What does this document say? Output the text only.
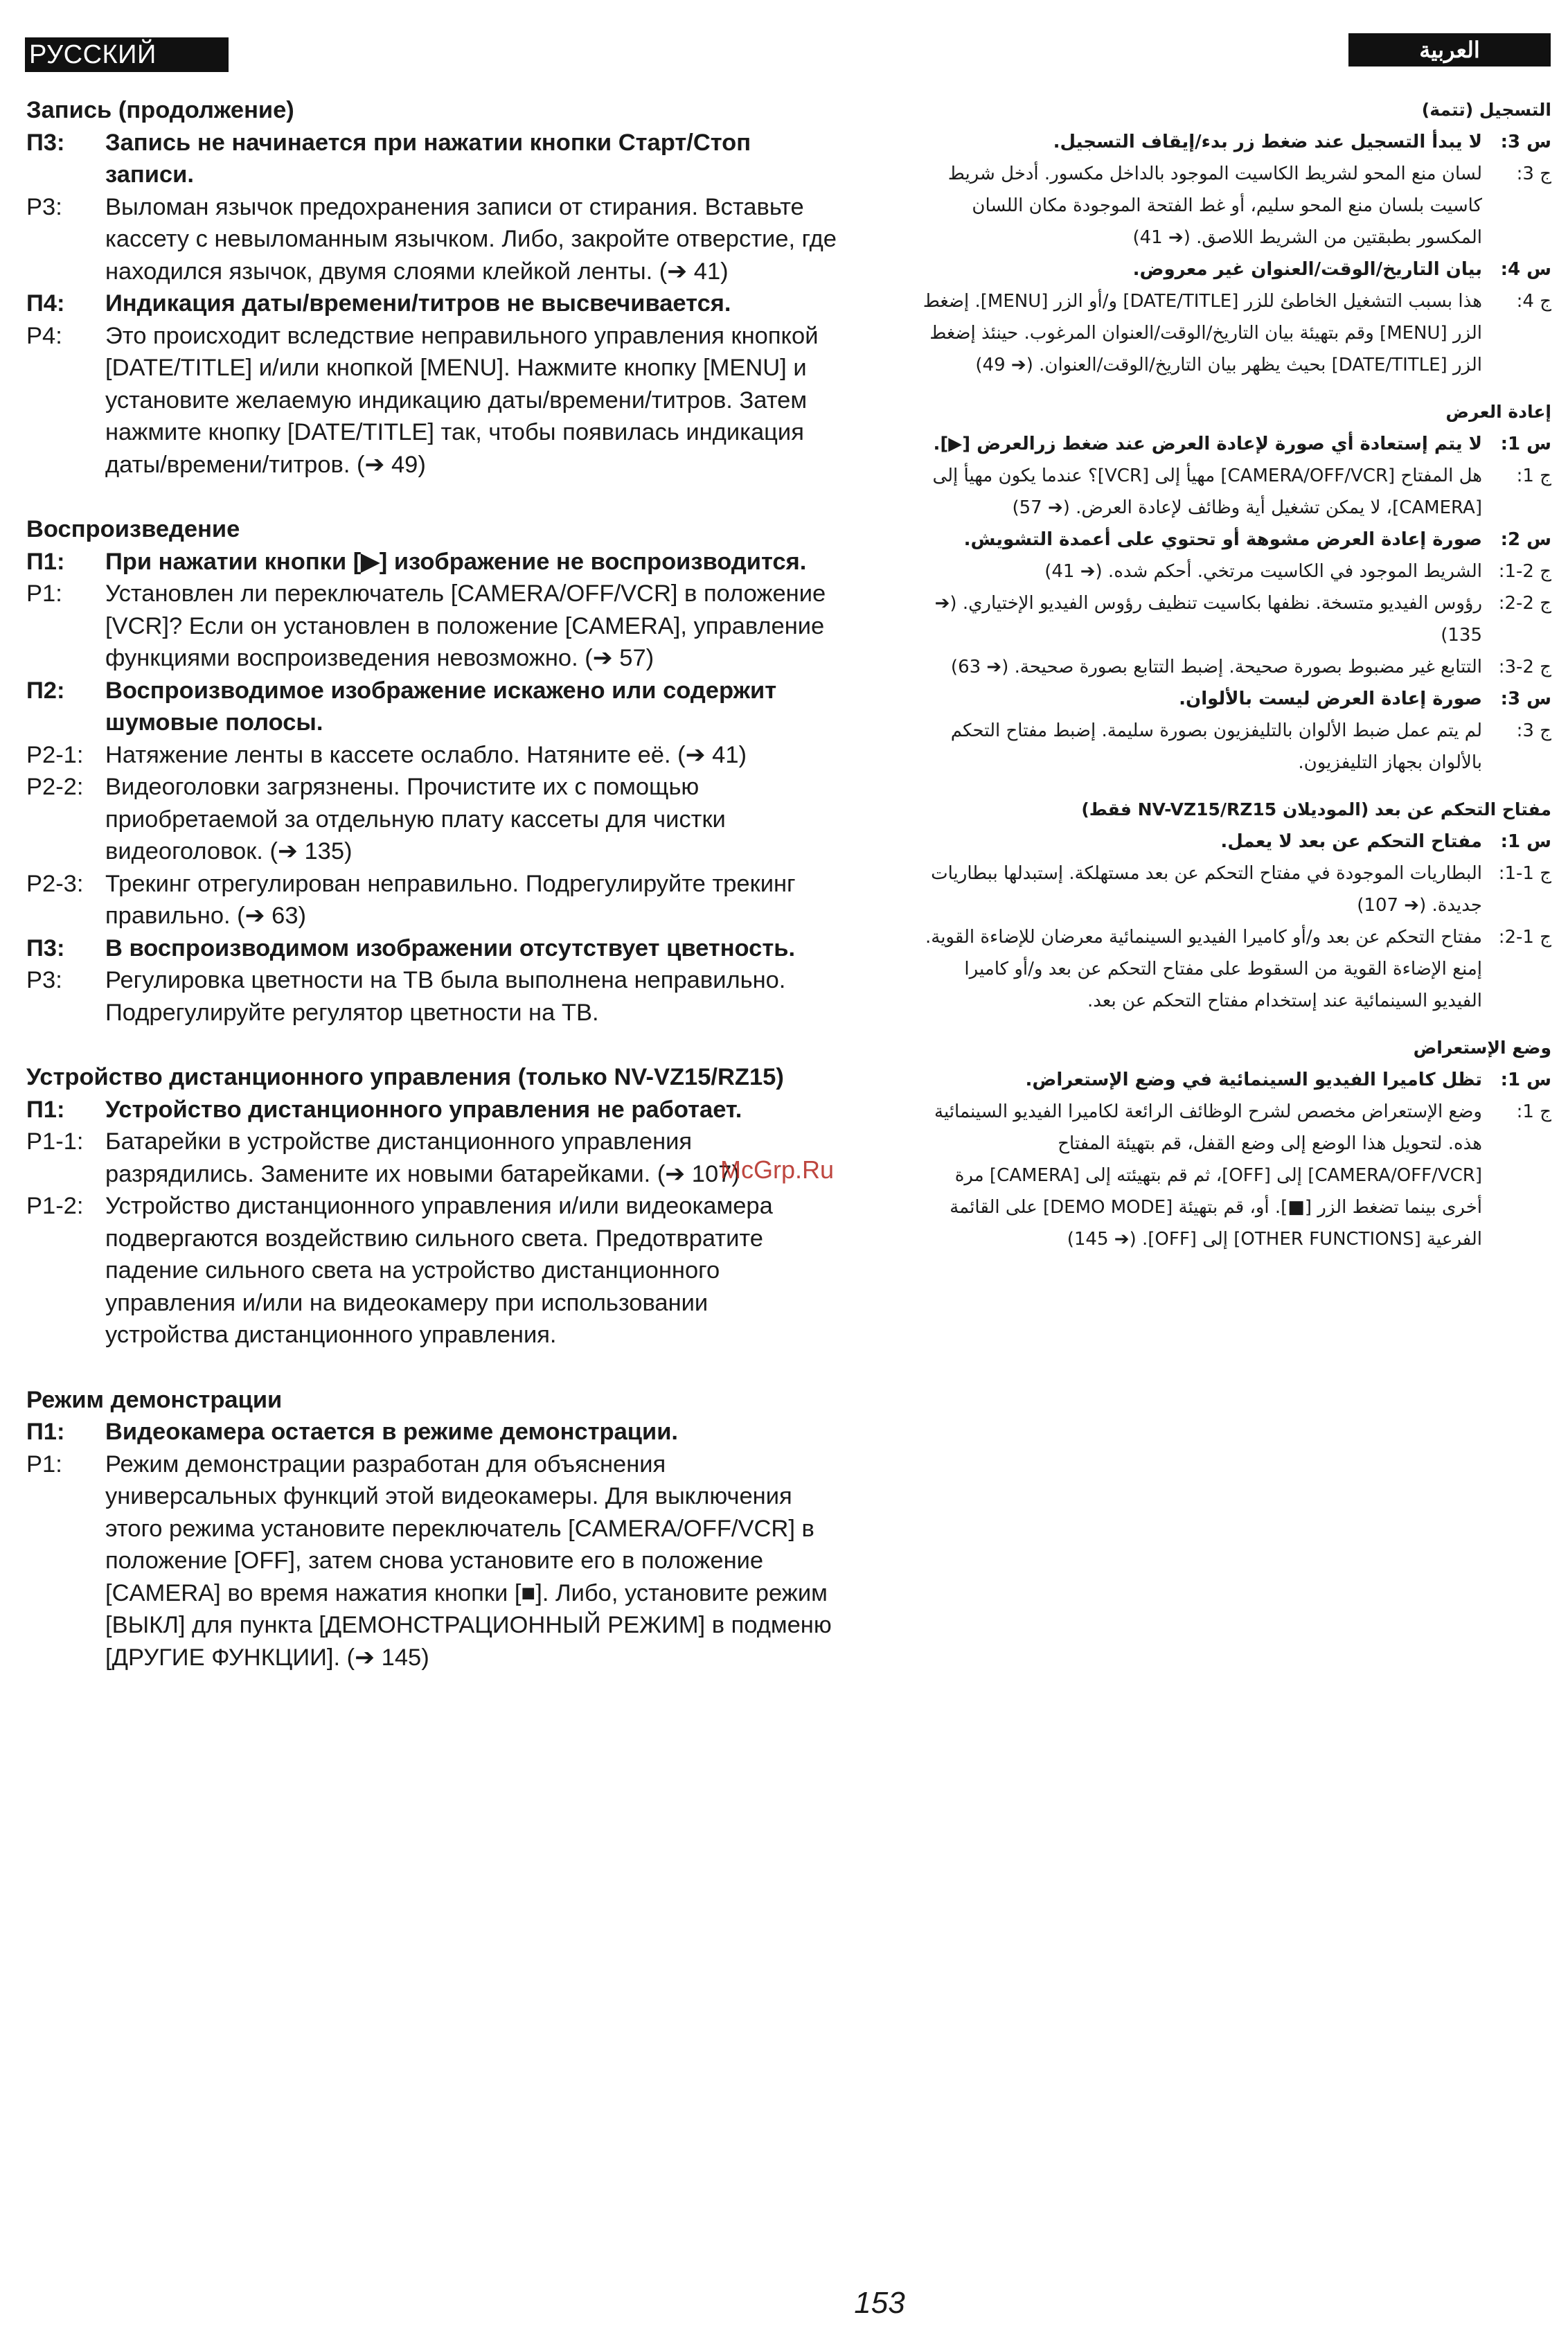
РУССКИЙ ЯЗЫК
العربية
Запись (продолжение)
П3:	Запись не начинается при нажатии кнопки Старт/Стоп записи.
P3:	Выломан язычок предохранения записи от стирания. Вставьте кассету с невыломанным язычком. Либо, закройте отверстие, где находился язычок, двумя слоями клейкой ленты. (➔ 41)
П4:	Индикация даты/времени/титров не высвечивается.
P4:	Это происходит вследствие неправильного управления кнопкой [DATE/TITLE] и/или кнопкой [MENU]. Нажмите кнопку [MENU] и установите желаемую индикацию даты/времени/титров. Затем нажмите кнопку [DATE/TITLE] так, чтобы появилась индикация даты/времени/титров. (➔ 49)
Воспроизведение
П1:	При нажатии кнопки [▶] изображение не воспроизводится.
P1:	Установлен ли переключатель [CAMERA/OFF/VCR] в положение [VCR]? Если он установлен в положение [CAMERA], управление функциями воспроизведения невозможно. (➔ 57)
П2:	Воспроизводимое изображение искажено или содержит шумовые полосы.
P2-1: Натяжение ленты в кассете ослабло. Натяните её. (➔ 41)
P2-2: Видеоголовки загрязнены. Прочистите их с помощью приобретаемой за отдельную плату кассеты для чистки видеоголовок. (➔ 135)
P2-3: Трекинг отрегулирован неправильно. Подрегулируйте трекинг правильно. (➔ 63)
П3:	В воспроизводимом изображении отсутствует цветность.
P3:	Регулировка цветности на ТВ была выполнена неправильно. Подрегулируйте регулятор цветности на ТВ.
Устройство дистанционного управления (только NV-VZ15/RZ15)
П1:	Устройство дистанционного управления не работает.
P1-1: Батарейки в устройстве дистанционного управления разрядились. Замените их новыми батарейками. (➔ 107)
P1-2: Устройство дистанционного управления и/или видеокамера подвергаются воздействию сильного света. Предотвратите падение сильного света на устройство дистанционного управления и/или на видеокамеру при использовании устройства дистанционного управления.
Режим демонстрации
П1:	Видеокамера остается в режиме демонстрации.
P1:	Режим демонстрации разработан для объяснения универсальных функций этой видеокамеры. Для выключения этого режима установите переключатель [CAMERA/OFF/VCR] в положение [OFF], затем снова установите его в положение [CAMERA] во время нажатия кнопки [■]. Либо, установите режим [ВЫКЛ] для пункта [ДЕМОНСТРАЦИОННЫЙ РЕЖИМ] в подменю [ДРУГИЕ ФУНКЦИИ]. (➔ 145)
التسجيل (تتمة)
س 3:
لا يبدأ التسجيل عند ضغط زر بدء/إيقاف التسجيل.
ج 3:
لسان منع المحو لشريط الكاسيت الموجود بالداخل مكسور. أدخل شريط كاسيت بلسان منع المحو سليم، أو غط الفتحة الموجودة مكان اللسان المكسور بطبقتين من الشريط اللاصق. (➔ 41)
س 4:
بيان التاريخ/الوقت/العنوان غير معروض.
ج 4:
هذا بسبب التشغيل الخاطئ للزر [DATE/TITLE] و/أو الزر [MENU]. إضغط الزر [MENU] وقم بتهيئة بيان التاريخ/الوقت/العنوان المرغوب. حينئذ إضغط الزر [DATE/TITLE] بحيث يظهر بيان التاريخ/الوقت/العنوان. (➔ 49)
إعادة العرض
س 1:
لا يتم إستعادة أي صورة لإعادة العرض عند ضغط زرالعرض [▶].
ج 1:
هل المفتاح [CAMERA/OFF/VCR] مهيأ إلى [VCR]؟ عندما يكون مهيأ إلى [CAMERA]، لا يمكن تشغيل أية وظائف لإعادة العرض. (➔ 57)
س 2:
صورة إعادة العرض مشوهة أو تحتوي على أعمدة التشويش.
ج 2-1:
الشريط الموجود في الكاسيت مرتخي. أحكم شده. (➔ 41)
ج 2-2:
رؤوس الفيديو متسخة. نظفها بكاسيت تنظيف رؤوس الفيديو الإختياري. (➔ 135)
ج 2-3:
التتابع غير مضبوط بصورة صحيحة. إضبط التتابع بصورة صحيحة. (➔ 63)
س 3:
صورة إعادة العرض ليست بالألوان.
ج 3:
لم يتم عمل ضبط الألوان بالتليفزيون بصورة سليمة. إضبط مفتاح التحكم بالألوان بجهاز التليفزيون.
مفتاح التحكم عن بعد (الموديلان NV-VZ15/RZ15 فقط)
س 1:
مفتاح التحكم عن بعد لا يعمل.
ج 1-1:
البطاريات الموجودة في مفتاح التحكم عن بعد مستهلكة. إستبدلها ببطاريات جديدة. (➔ 107)
ج 1-2:
مفتاح التحكم عن بعد و/أو كاميرا الفيديو السينمائية معرضان للإضاءة القوية. إمنع الإضاءة القوية من السقوط على مفتاح التحكم عن بعد و/أو كاميرا الفيديو السينمائية عند إستخدام مفتاح التحكم عن بعد.
وضع الإستعراض
س 1:
تظل كاميرا الفيديو السينمائية في وضع الإستعراض.
ج 1:
وضع الإستعراض مخصص لشرح الوظائف الرائعة لكاميرا الفيديو السينمائية هذه. لتحويل هذا الوضع إلى وضع القفل، قم بتهيئة المفتاح [CAMERA/OFF/VCR] إلى [OFF]، ثم قم بتهيئته إلى [CAMERA] مرة أخرى بينما تضغط الزر [■]. أو، قم بتهيئة [DEMO MODE] على القائمة الفرعية [OTHER FUNCTIONS] إلى [OFF]. (➔ 145)
McGrp.Ru
153
